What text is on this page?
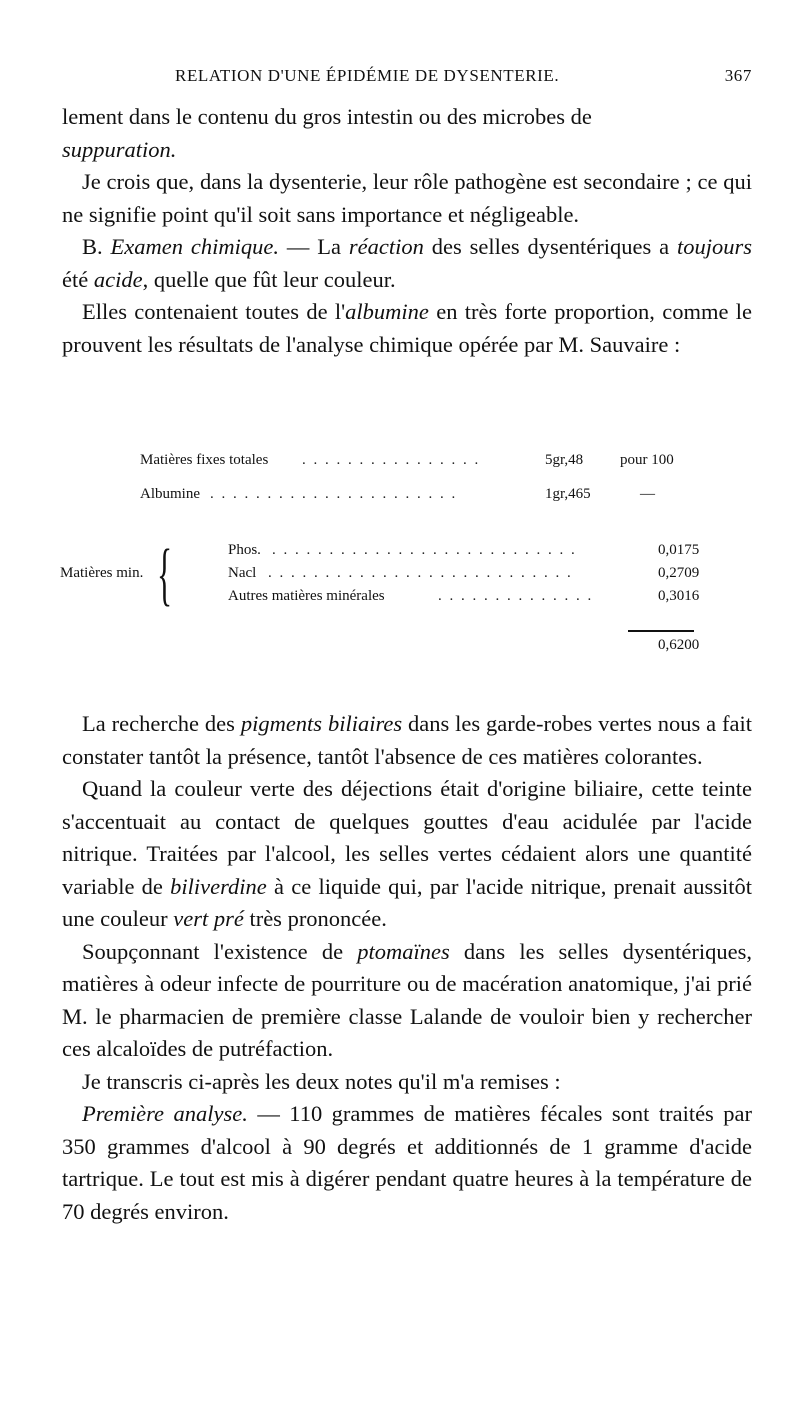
RELATION D'UNE ÉPIDÉMIE DE DYSENTERIE.	367

lement dans le contenu du gros intestin ou des microbes de
suppuration.

Je crois que, dans la dysenterie, leur rôle pathogène est secondaire ; ce qui ne signifie point qu'il soit sans importance et négligeable.

B. Examen chimique. — La réaction des selles dysentériques a toujours été acide, quelle que fût leur couleur.

Elles contenaient toutes de l'albumine en très forte proportion, comme le prouvent les résultats de l'analyse chimique opérée par M. Sauvaire :

Matières fixes totales . . . . . . . . . . . . . . . .	5gr,48 pour 100
Albumine . . . . . . . . . . . . . . . . . . . . . .	1gr,465	—
Matières min.
Phos. . . . . . . . . . . . . . . . . . . . . . . . . . . .	0,0175
Nacl . . . . . . . . . . . . . . . . . . . . . . . . . . .	0,2709
Autres matières minérales	. . . . . . . . . . . . . .	0,3016
0,6200
{

La recherche des pigments biliaires dans les garde-robes vertes nous a fait constater tantôt la présence, tantôt l'absence de ces matières colorantes.

Quand la couleur verte des déjections était d'origine biliaire, cette teinte s'accentuait au contact de quelques gouttes d'eau acidulée par l'acide nitrique. Traitées par l'alcool, les selles vertes cédaient alors une quantité variable de biliverdine à ce liquide qui, par l'acide nitrique, prenait aussitôt une couleur vert pré très prononcée.

Soupçonnant l'existence de ptomaïnes dans les selles dysentériques, matières à odeur infecte de pourriture ou de macération anatomique, j'ai prié M. le pharmacien de première classe Lalande de vouloir bien y rechercher ces alcaloïdes de putréfaction.

Je transcris ci-après les deux notes qu'il m'a remises :

Première analyse. — 110 grammes de matières fécales sont traités par 350 grammes d'alcool à 90 degrés et additionnés de 1 gramme d'acide tartrique. Le tout est mis à digérer pendant quatre heures à la température de 70 degrés environ.
